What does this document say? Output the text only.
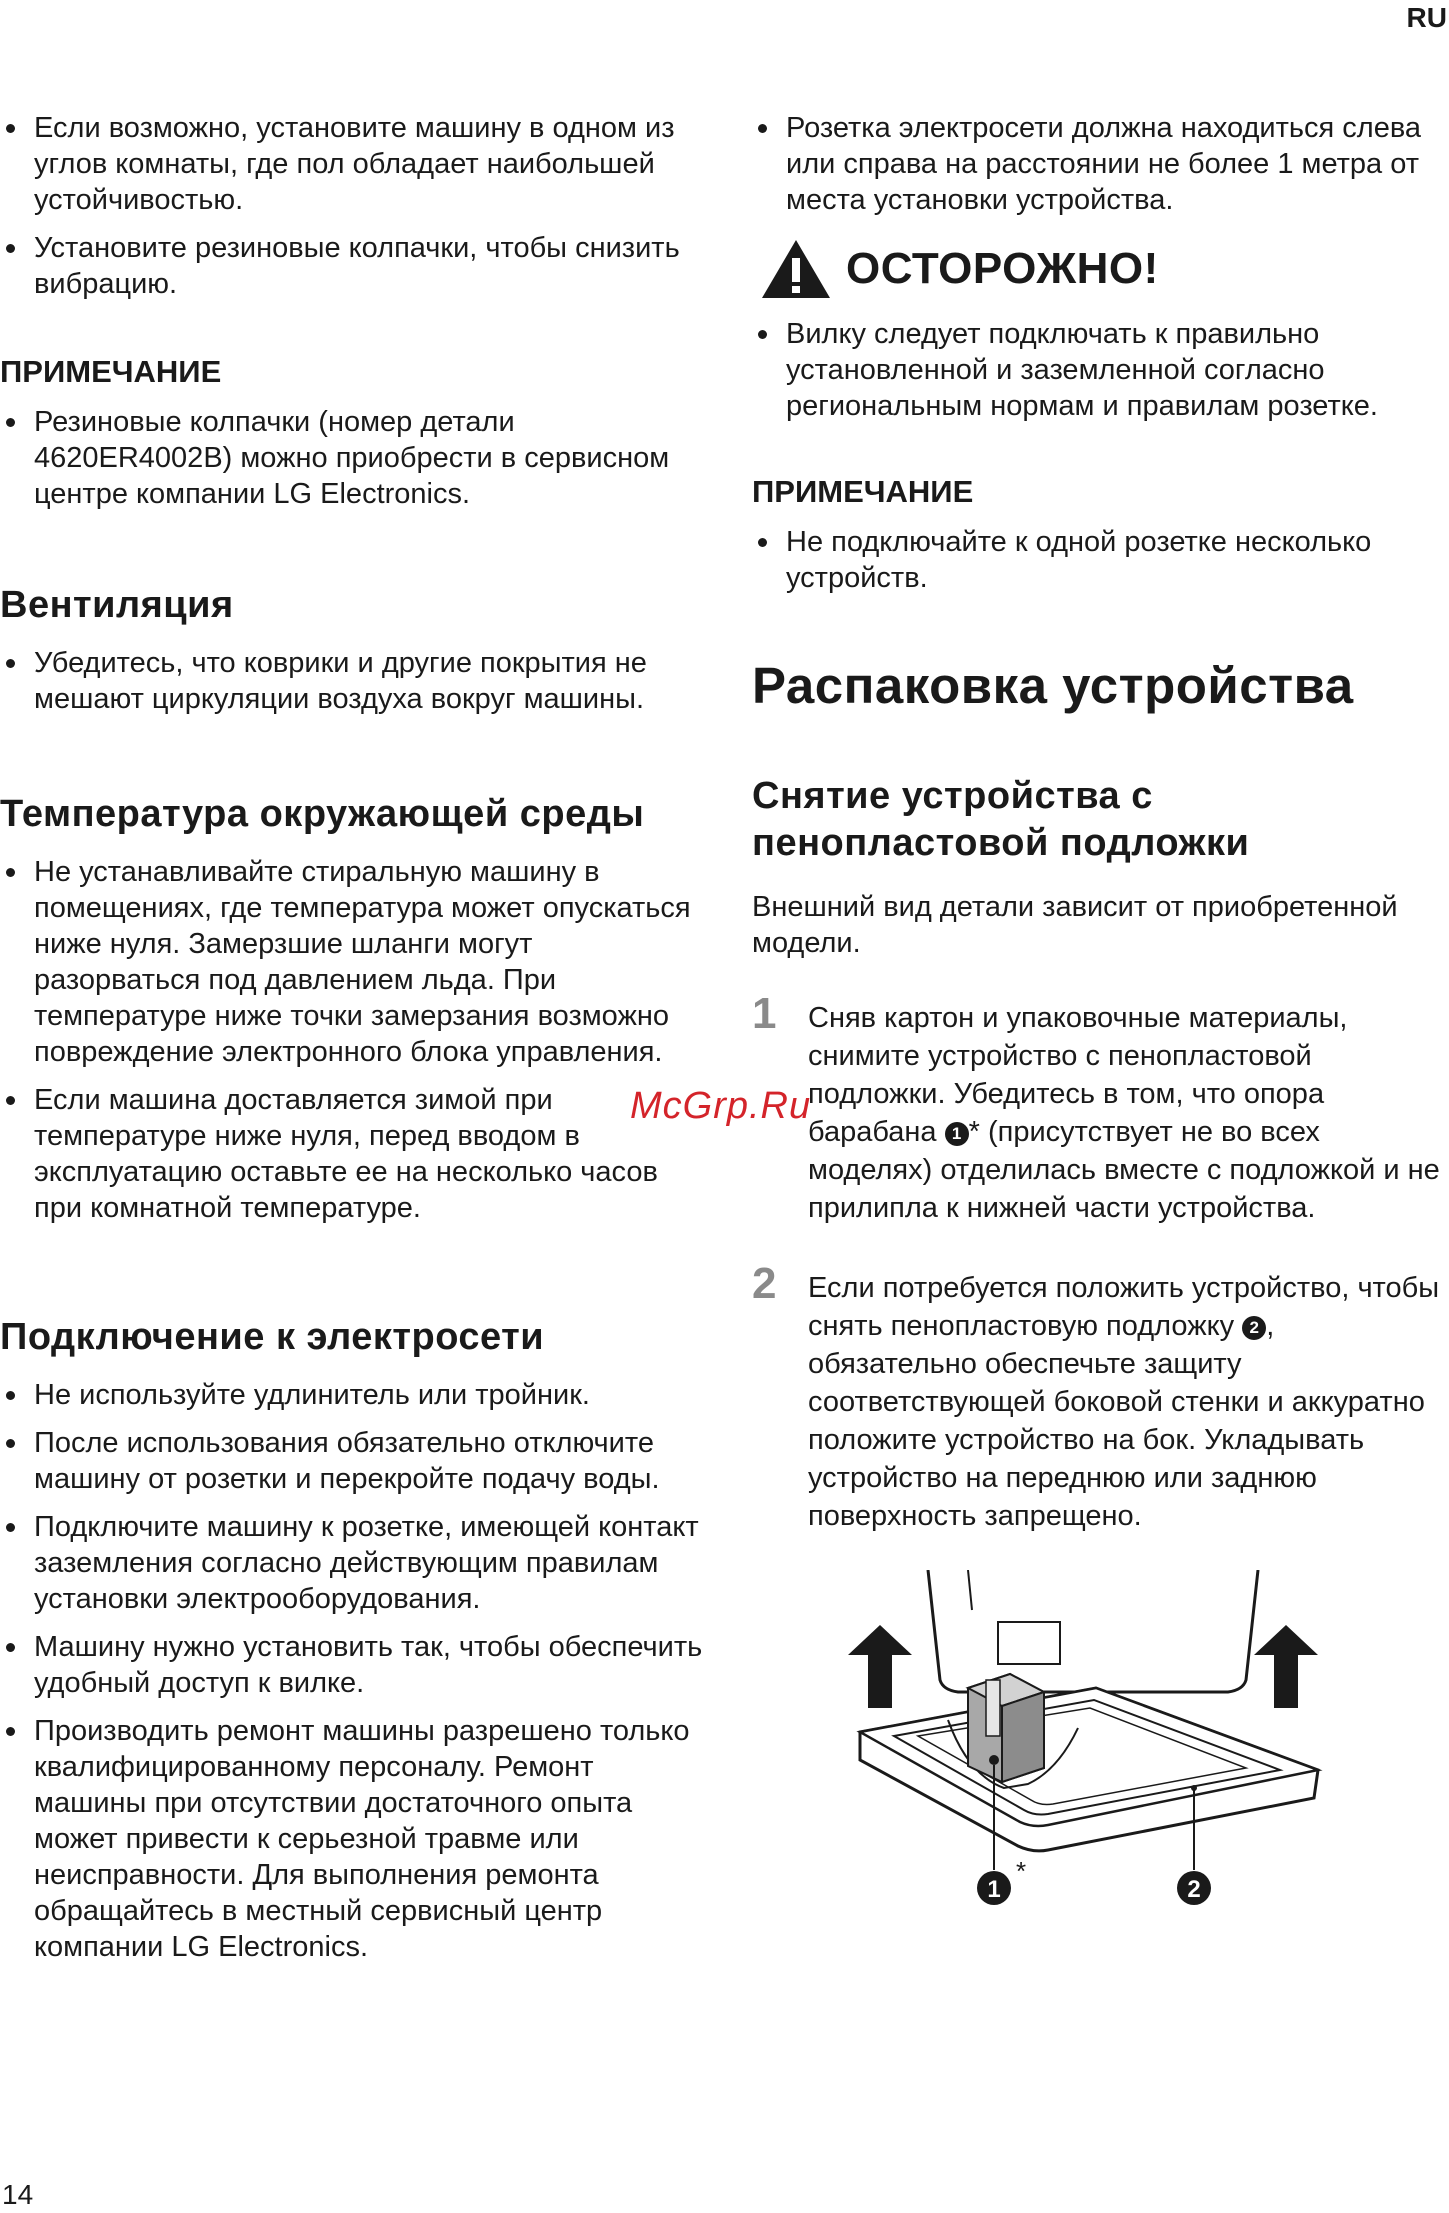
RU
14
McGrp.Ru
Если возможно, установите машину в одном из углов комнаты, где пол обладает наибольшей устойчивостью.
Установите резиновые колпачки, чтобы снизить вибрацию.
ПРИМЕЧАНИЕ
Резиновые колпачки (номер детали 4620ER4002B) можно приобрести в сервисном центре компании LG Electronics.
Вентиляция
Убедитесь, что коврики и другие покрытия не мешают циркуляции воздуха вокруг машины.
Температура окружающей среды
Не устанавливайте стиральную машину в помещениях, где температура может опускаться ниже нуля. Замерзшие шланги могут разорваться под давлением льда. При температуре ниже точки замерзания возможно повреждение электронного блока управления.
Если машина доставляется зимой при температуре ниже нуля, перед вводом в эксплуатацию оставьте ее на несколько часов при комнатной температуре.
Подключение к электросети
Не используйте удлинитель или тройник.
После использования обязательно отключите машину от розетки и перекройте подачу воды.
Подключите машину к розетке, имеющей контакт заземления согласно действующим правилам установки электрооборудования.
Машину нужно установить так, чтобы обеспечить удобный доступ к вилке.
Производить ремонт машины разрешено только квалифицированному персоналу. Ремонт машины при отсутствии достаточного опыта может привести к серьезной травме или неисправности. Для выполнения ремонта обращайтесь в местный сервисный центр компании LG Electronics.
Розетка электросети должна находиться слева или справа на расстоянии не более 1 метра от места установки устройства.
ОСТОРОЖНО!
Вилку следует подключать к правильно установленной и заземленной согласно региональным нормам и правилам розетке.
ПРИМЕЧАНИЕ
Не подключайте к одной розетке несколько устройств.
Распаковка устройства
Снятие устройства с
пенопластовой подложки

Внешний вид детали зависит от приобретенной модели.

1 Сняв картон и упаковочные материалы, снимите устройство с пенопластовой подложки. Убедитесь в том, что опора барабана 1 * (присутствует не во всех моделях) отделилась вместе с подложкой и не прилипла к нижней части устройства.
2 Если потребуется положить устройство, чтобы снять пенопластовую подложку 2 , обязательно обеспечьте защиту соответствующей боковой стенки и аккуратно положите устройство на бок. Укладывать устройство на переднюю или заднюю поверхность запрещено.
1
*
2
